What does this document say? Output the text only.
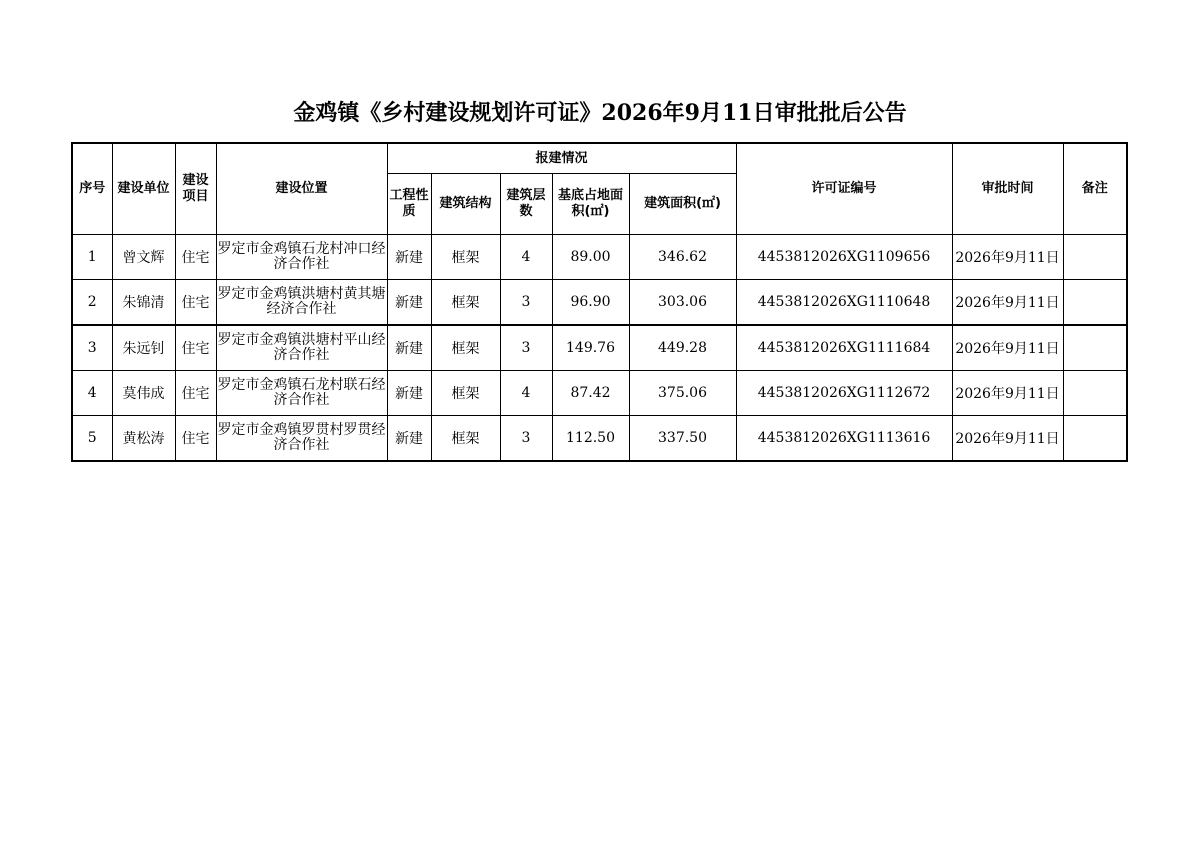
金鸡镇《乡村建设规划许可证》2026年9月11日审批批后公告
序号	建设单位	建设项目	建设位置	报建情况					许可证编号	审批时间	备注
				工程性质	建筑结构	建筑层数	基底占地面积(㎡)	建筑面积(㎡)			
1	曾文辉	住宅	罗定市金鸡镇石龙村冲口经济合作社	新建	框架	4	89.00	346.62	4453812026XG1109656	2026年9月11日	
2	朱锦清	住宅	罗定市金鸡镇洪塘村黄其塘经济合作社	新建	框架	3	96.90	303.06	4453812026XG1110648	2026年9月11日	
3	朱远钊	住宅	罗定市金鸡镇洪塘村平山经济合作社	新建	框架	3	149.76	449.28	4453812026XG1111684	2026年9月11日	
4	莫伟成	住宅	罗定市金鸡镇石龙村联石经济合作社	新建	框架	4	87.42	375.06	4453812026XG1112672	2026年9月11日	
5	黄松涛	住宅	罗定市金鸡镇罗贯村罗贯经济合作社	新建	框架	3	112.50	337.50	4453812026XG1113616	2026年9月11日	
